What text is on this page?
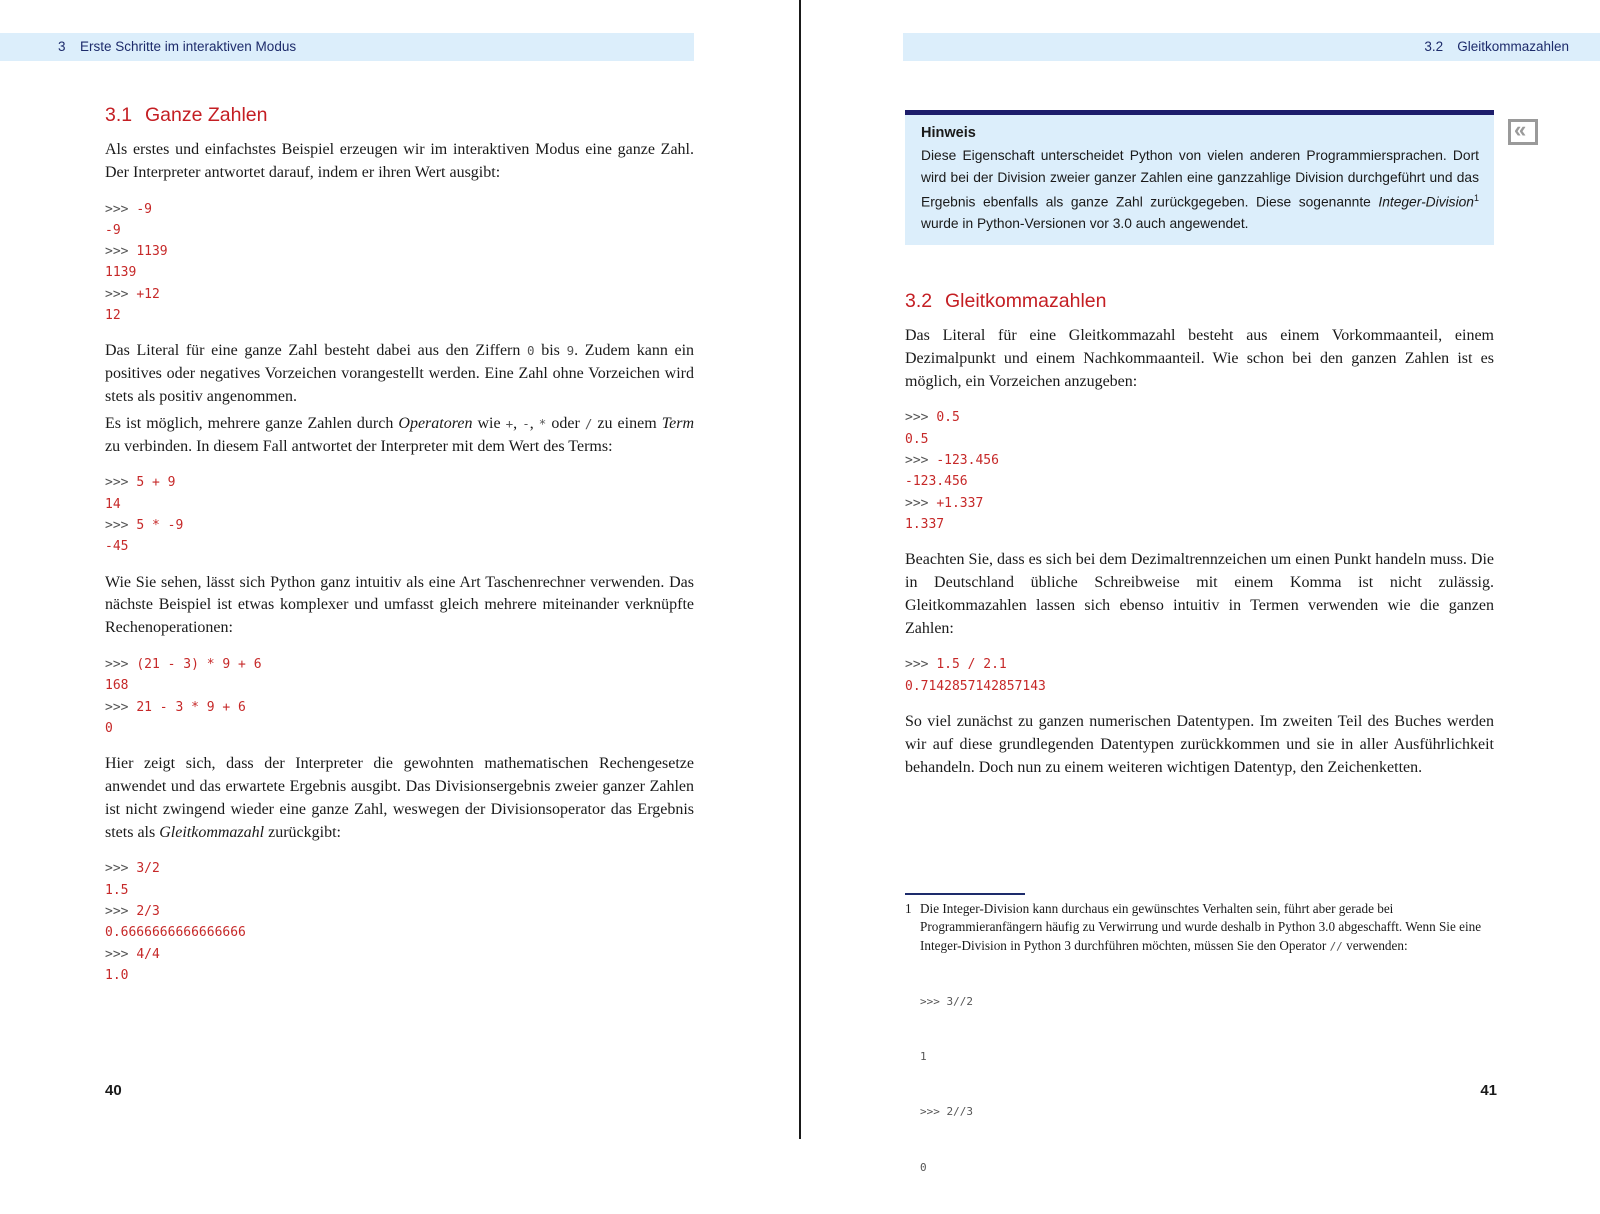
3 Erste Schritte im interaktiven Modus
3.1 Ganze Zahlen

Als erstes und einfachstes Beispiel erzeugen wir im interaktiven Modus eine ganze Zahl. Der Interpreter antwortet darauf, indem er ihren Wert ausgibt:

>>> -9
-9
>>> 1139
1139
>>> +12
12

Das Literal für eine ganze Zahl besteht dabei aus den Ziffern 0 bis 9. Zudem kann ein positives oder negatives Vorzeichen vorangestellt werden. Eine Zahl ohne Vorzeichen wird stets als positiv angenommen.

Es ist möglich, mehrere ganze Zahlen durch Operatoren wie +, -, * oder / zu einem Term zu verbinden. In diesem Fall antwortet der Interpreter mit dem Wert des Terms:

>>> 5 + 9
14
>>> 5 * -9
-45

Wie Sie sehen, lässt sich Python ganz intuitiv als eine Art Taschenrechner verwenden. Das nächste Beispiel ist etwas komplexer und umfasst gleich mehrere miteinander verknüpfte Rechenoperationen:

>>> (21 - 3) * 9 + 6
168
>>> 21 - 3 * 9 + 6
0

Hier zeigt sich, dass der Interpreter die gewohnten mathematischen Rechengesetze anwendet und das erwartete Ergebnis ausgibt. Das Divisionsergebnis zweier ganzer Zahlen ist nicht zwingend wieder eine ganze Zahl, weswegen der Divisionsoperator das Ergebnis stets als Gleitkommazahl zurückgibt:

>>> 3/2
1.5
>>> 2/3
0.6666666666666666
>>> 4/4
1.0
40
3.2 Gleitkommazahlen
Hinweis
Diese Eigenschaft unterscheidet Python von vielen anderen Programmiersprachen. Dort wird bei der Division zweier ganzer Zahlen eine ganzzahlige Division durchgeführt und das Ergebnis ebenfalls als ganze Zahl zurückgegeben. Diese sogenannte Integer-Division$^1$ wurde in Python-Versionen vor 3.0 auch angewendet.
«
3.2 Gleitkommazahlen

Das Literal für eine Gleitkommazahl besteht aus einem Vorkommaanteil, einem Dezimalpunkt und einem Nachkommaanteil. Wie schon bei den ganzen Zahlen ist es möglich, ein Vorzeichen anzugeben:

>>> 0.5
0.5
>>> -123.456
-123.456
>>> +1.337
1.337

Beachten Sie, dass es sich bei dem Dezimaltrennzeichen um einen Punkt handeln muss. Die in Deutschland übliche Schreibweise mit einem Komma ist nicht zulässig. Gleitkommazahlen lassen sich ebenso intuitiv in Termen verwenden wie die ganzen Zahlen:

>>> 1.5 / 2.1
0.7142857142857143

So viel zunächst zu ganzen numerischen Datentypen. Im zweiten Teil des Buches werden wir auf diese grundlegenden Datentypen zurückkommen und sie in aller Ausführlichkeit behandeln. Doch nun zu einem weiteren wichtigen Datentyp, den Zeichenketten.

1 Die Integer-Division kann durchaus ein gewünschtes Verhalten sein, führt aber gerade bei Programmieranfängern häufig zu Verwirrung und wurde deshalb in Python 3.0 abgeschafft. Wenn Sie eine Integer-Division in Python 3 durchführen möchten, müssen Sie den Operator // verwenden:

>>> 3//2

1

>>> 2//3

0

41
